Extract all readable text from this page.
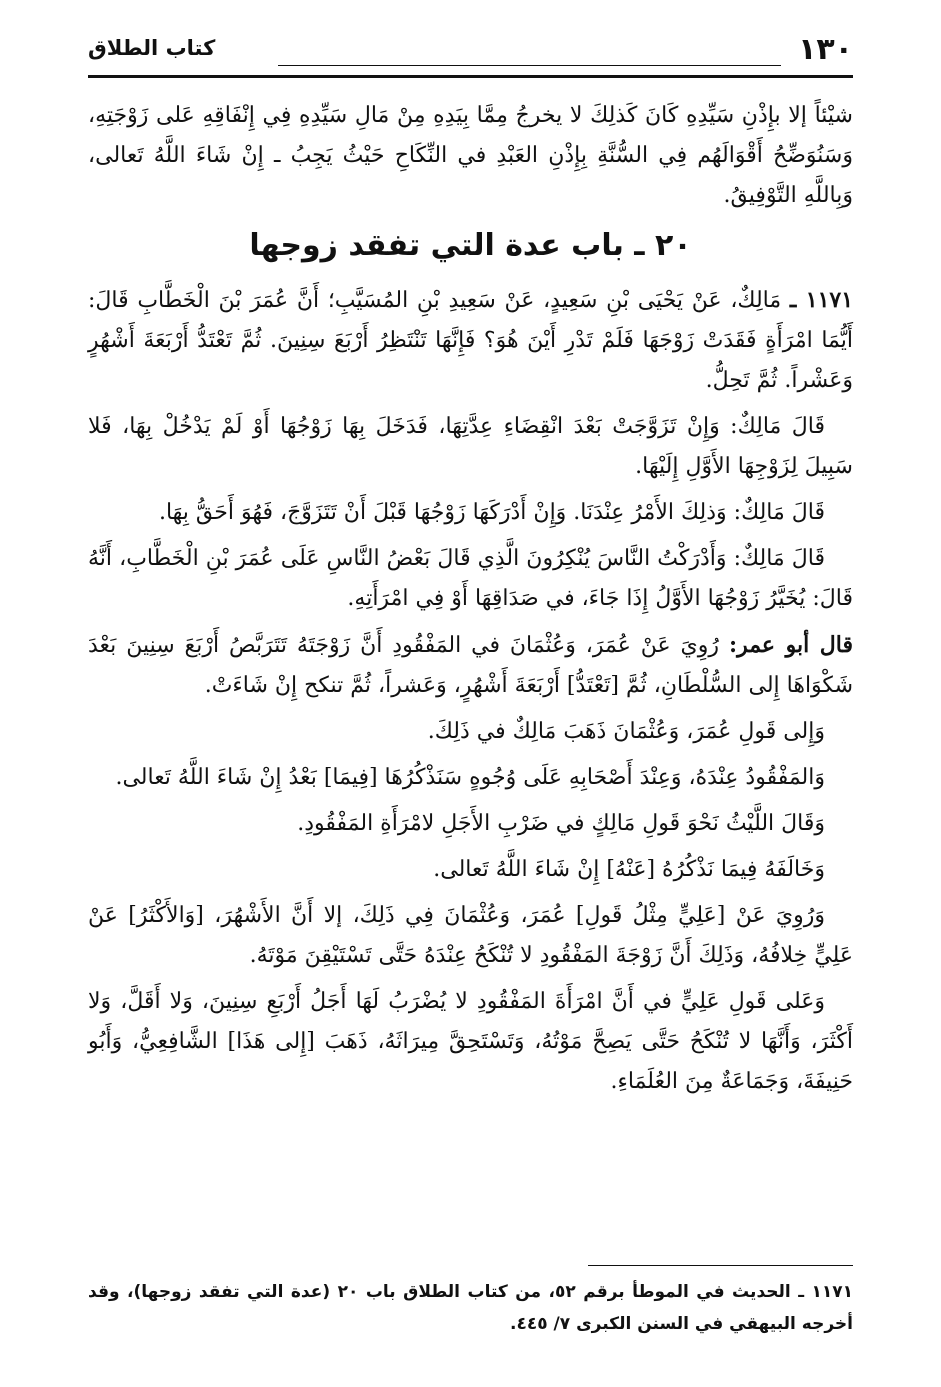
١٣٠
كتاب الطلاق

شيْئاً إلا بإِذْنِ سَيِّدِهِ كَانَ كَذلِكَ لا يخرجُ مِمَّا بِيَدِهِ مِنْ مَالِ سَيِّدِهِ فِي إِنْفَاقِهِ عَلى زَوْجَتِهِ، وَسَنُوَضِّحُ أَقْوَالَهُم فِي السُّنَّةِ بِإِذْنِ العَبْدِ في النِّكَاحِ حَيْثُ يَجِبُ ـ إِنْ شَاءَ اللَّهُ تَعالى، وَبِاللَّهِ التَّوْفِيقُ.

٢٠ ـ باب عدة التي تفقد زوجها

١١٧١ ـ مَالِكٌ، عَنْ يَحْيَى بْنِ سَعِيدٍ، عَنْ سَعِيدِ بْنِ المُسَيَّبِ؛ أَنَّ عُمَرَ بْنَ الْخَطَّابِ قَالَ: أَيُّمَا امْرَأَةٍ فَقَدَتْ زَوْجَهَا فَلَمْ تَدْرِ أَيْنَ هُوَ؟ فَإِنَّهَا تَنْتَظِرُ أَرْبَعَ سِنِينَ. ثُمَّ تَعْتَدُّ أَرْبَعَةَ أَشْهُرٍ وَعَشْراً. ثُمَّ تَحِلُّ.

قَالَ مَالِكٌ: وَإِنْ تَزَوَّجَتْ بَعْدَ انْقِضَاءِ عِدَّتِهَا، فَدَخَلَ بِهَا زَوْجُهَا أَوْ لَمْ يَدْخُلْ بِهَا، فَلا سَبِيلَ لِزَوْجِهَا الأَوَّلِ إِلَيْهَا.

قَالَ مَالِكٌ: وَذلِكَ الأَمْرُ عِنْدَنَا. وَإِنْ أَدْرَكَهَا زَوْجُهَا قَبْلَ أَنْ تَتَزَوَّجَ، فَهُوَ أَحَقُّ بِهَا.

قَالَ مَالِكٌ: وَأَدْرَكْتُ النَّاسَ يُنْكِرُونَ الَّذِي قَالَ بَعْضُ النَّاسِ عَلَى عُمَرَ بْنِ الْخَطَّابِ، أَنَّهُ قَالَ: يُخَيَّرُ زَوْجُهَا الأَوَّلُ إِذَا جَاءَ، في صَدَاقِهَا أَوْ فِي امْرَأَتِهِ.

قال أبو عمر: رُوِيَ عَنْ عُمَرَ، وَعُثْمَانَ في المَفْقُودِ أَنَّ زَوْجَتَهُ تَتَرَبَّصُ أَرْبَعَ سِنِينَ بَعْدَ شَكْوَاهَا إِلى السُّلْطَانِ، ثُمَّ [تَعْتَدُّ] أَرْبَعَةَ أَشْهُرٍ، وَعَشراً، ثُمَّ تنكح إِنْ شَاءَتْ.

وَإِلى قَولِ عُمَرَ، وَعُثْمَانَ ذَهَبَ مَالِكٌ في ذَلِكَ.

وَالمَفْقُودُ عِنْدَهُ، وَعِنْدَ أَصْحَابِهِ عَلَى وُجُوهٍ سَنَذْكُرُهَا [فِيمَا] بَعْدُ إِنْ شَاءَ اللَّهُ تَعالى.

وَقَالَ اللَّيْثُ نَحْوَ قَولِ مَالِكٍ في ضَرْبِ الأَجَلِ لامْرَأَةِ المَفْقُودِ.

وَخَالَفَهُ فِيمَا نَذْكُرُهُ [عَنْهُ] إِنْ شَاءَ اللَّهُ تَعالى.

وَرُوِيَ عَنْ [عَلِيٍّ مِثْلُ قَولِ] عُمَرَ، وَعُثْمَانَ فِي ذَلِكَ، إلا أَنَّ الأَشْهُرَ، [وَالأَكْثَرُ] عَنْ عَلِيٍّ خِلافُهُ، وَذَلِكَ أَنَّ زَوْجَةَ المَفْقُودِ لا تُنْكَحُ عِنْدَهُ حَتَّى تَسْتَيْقِنَ مَوْتَهُ.

وَعَلى قَولِ عَلِيٍّ في أَنَّ امْرَأَةَ المَفْقُودِ لا يُضْرَبُ لَهَا أَجَلُ أَرْبَعِ سِنِينَ، وَلا أَقَلَّ، وَلا أَكْثَرَ، وَأَنَّهَا لا تُنْكَحُ حَتَّى يَصِحَّ مَوْتُهُ، وَتَسْتَحِقَّ مِيرَاثَهُ، ذَهَبَ [إِلى هَذَا] الشَّافِعِيُّ، وَأَبُو حَنِيفَةَ، وَجَمَاعَةٌ مِنَ العُلَمَاءِ.

١١٧١ ـ الحديث في الموطأ برقم ٥٢، من كتاب الطلاق باب ٢٠ (عدة التي تفقد زوجها)، وقد أخرجه البيهقي في السنن الكبرى ٧/ ٤٤٥.
